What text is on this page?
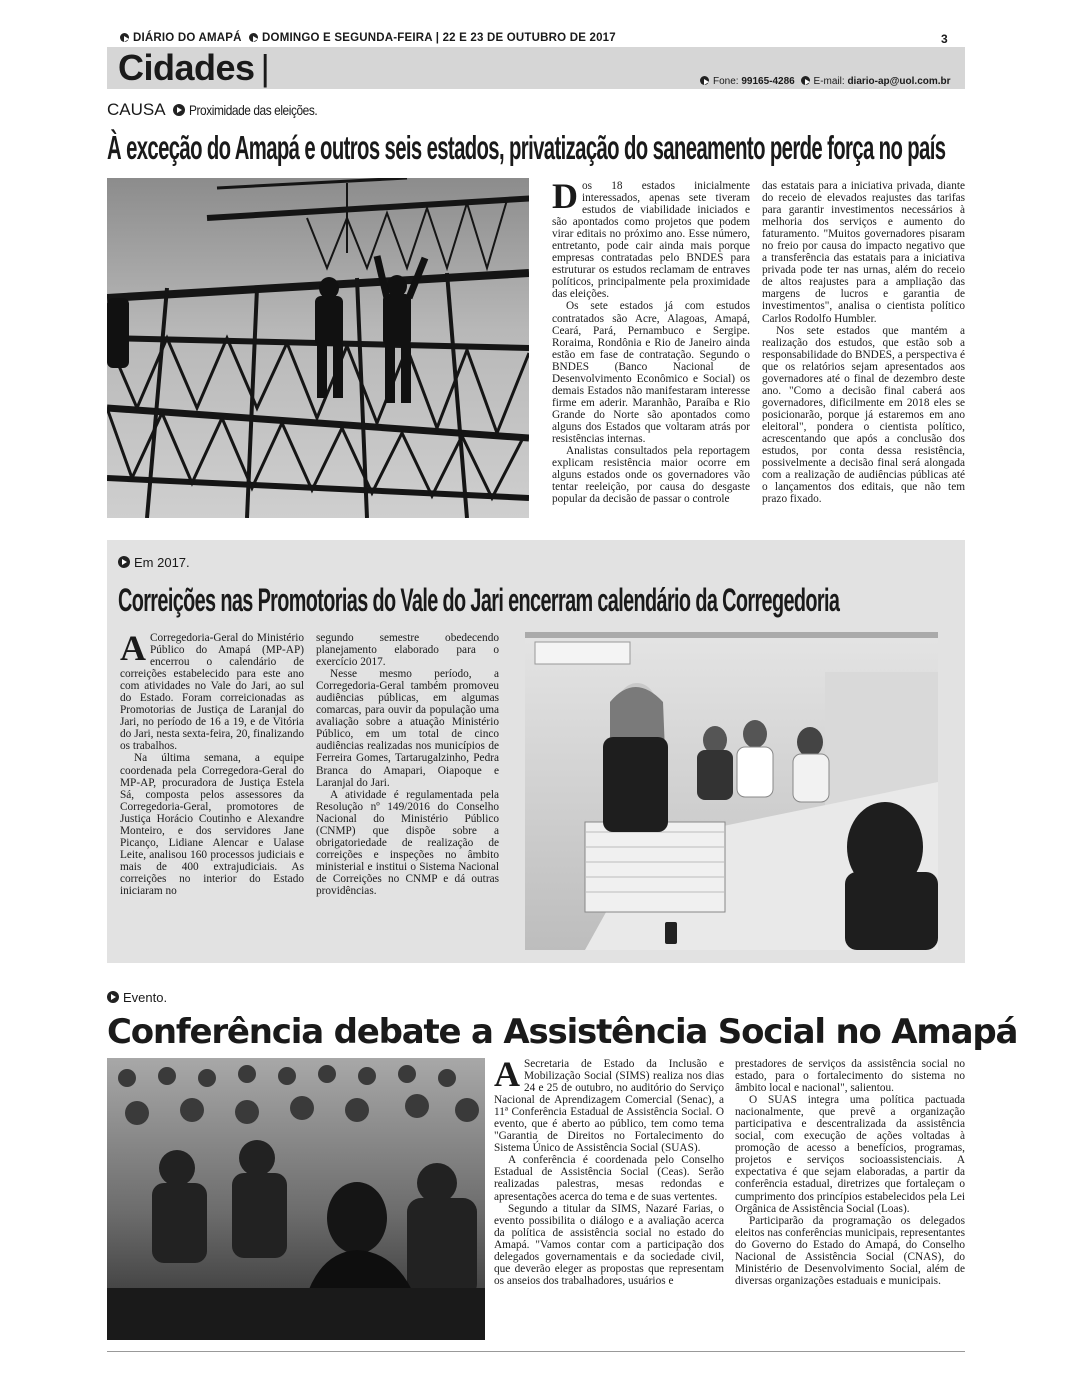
DIÁRIO DO AMAPÁ DOMINGO E SEGUNDA-FEIRA | 22 E 23 DE OUTUBRO DE 2017	3
Cidades |	Fone: 99165-4286 E-mail: diario-ap@uol.com.br
CAUSA Proximidade das eleições.
À exceção do Amapá e outros seis estados, privatização do saneamento perde força no país
D os 18 estados inicialmente interessados, apenas sete tiveram estudos de viabilidade iniciados e são apontados como projetos que podem virar editais no próximo ano. Esse número, entretanto, pode cair ainda mais porque empresas contratadas pelo BNDES para estruturar os estudos reclamam de entraves políticos, principalmente pela proximidade das eleições.

Os sete estados já com estudos contratados são Acre, Alagoas, Amapá, Ceará, Pará, Pernambuco e Sergipe. Roraima, Rondônia e Rio de Janeiro ainda estão em fase de contratação. Segundo o BNDES (Banco Nacional de Desenvolvimento Econômico e Social) os demais Estados não manifestaram interesse firme em aderir. Maranhão, Paraíba e Rio Grande do Norte são apontados como alguns dos Estados que voltaram atrás por resistências internas.

Analistas consultados pela reportagem explicam resistência maior ocorre em alguns estados onde os governadores vão tentar reeleição, por causa do desgaste popular da decisão de passar o controle

das estatais para a iniciativa privada, diante do receio de elevados reajustes das tarifas para garantir investimentos necessários à melhoria dos serviços e aumento do faturamento. "Muitos governadores pisaram no freio por causa do impacto negativo que a transferência das estatais para a iniciativa privada pode ter nas urnas, além do receio de altos reajustes para a ampliação das margens de lucros e garantia de investimentos", analisa o cientista político Carlos Rodolfo Humbler.

Nos sete estados que mantém a realização dos estudos, que estão sob a responsabilidade do BNDES, a perspectiva é que os relatórios sejam apresentados aos governadores até o final de dezembro deste ano. "Como a decisão final caberá aos governadores, dificilmente em 2018 eles se posicionarão, porque já estaremos em ano eleitoral", pondera o cientista político, acrescentando que após a conclusão dos estudos, por conta dessa resistência, possivelmente a decisão final será alongada com a realização de audiências públicas até o lançamentos dos editais, que não tem prazo fixado.

Em 2017.
Correições nas Promotorias do Vale do Jari encerram calendário da Corregedoria
A Corregedoria-Geral do Ministério Público do Amapá (MP-AP) encerrou o calendário de correições estabelecido para este ano com atividades no Vale do Jari, ao sul do Estado. Foram correicionadas as Promotorias de Justiça de Laranjal do Jari, no período de 16 a 19, e de Vitória do Jari, nesta sexta-feira, 20, finalizando os trabalhos.

Na última semana, a equipe coordenada pela Corregedora-Geral do MP-AP, procuradora de Justiça Estela Sá, composta pelos assessores da Corregedoria-Geral, promotores de Justiça Horácio Coutinho e Alexandre Monteiro, e dos servidores Jane Picanço, Lidiane Alencar e Ualase Leite, analisou 160 processos judiciais e mais de 400 extrajudiciais. As correições no interior do Estado iniciaram no

segundo semestre obedecendo planejamento elaborado para o exercício 2017.

Nesse mesmo período, a Corregedoria-Geral também promoveu audiências públicas, em algumas comarcas, para ouvir da população uma avaliação sobre a atuação Ministério Público, em um total de cinco audiências realizadas nos municípios de Ferreira Gomes, Tartarugalzinho, Pedra Branca do Amapari, Oiapoque e Laranjal do Jari.

A atividade é regulamentada pela Resolução nº 149/2016 do Conselho Nacional do Ministério Público (CNMP) que dispõe sobre a obrigatoriedade de realização de correições e inspeções no âmbito ministerial e institui o Sistema Nacional de Correições no CNMP e dá outras providências.

Evento.
Conferência debate a Assistência Social no Amapá
A Secretaria de Estado da Inclusão e Mobilização Social (SIMS) realiza nos dias 24 e 25 de outubro, no auditório do Serviço Nacional de Aprendizagem Comercial (Senac), a 11ª Conferência Estadual de Assistência Social. O evento, que é aberto ao público, tem como tema "Garantia de Direitos no Fortalecimento do Sistema Único de Assistência Social (SUAS).

A conferência é coordenada pelo Conselho Estadual de Assistência Social (Ceas). Serão realizadas palestras, mesas redondas e apresentações acerca do tema e de suas vertentes.

Segundo a titular da SIMS, Nazaré Farias, o evento possibilita o diálogo e a avaliação acerca da política de assistência social no estado do Amapá. "Vamos contar com a participação dos delegados governamentais e da sociedade civil, que deverão eleger as propostas que representam os anseios dos trabalhadores, usuários e

prestadores de serviços da assistência social no estado, para o fortalecimento do sistema no âmbito local e nacional", salientou.

O SUAS integra uma política pactuada nacionalmente, que prevê a organização participativa e descentralizada da assistência social, com execução de ações voltadas à promoção de acesso a benefícios, programas, projetos e serviços socioassistenciais. A expectativa é que sejam elaboradas, a partir da conferência estadual, diretrizes que fortaleçam o cumprimento dos princípios estabelecidos pela Lei Orgânica de Assistência Social (Loas).

Participarão da programação os delegados eleitos nas conferências municipais, representantes do Governo do Estado do Amapá, do Conselho Nacional de Assistência Social (CNAS), do Ministério de Desenvolvimento Social, além de diversas organizações estaduais e municipais.
